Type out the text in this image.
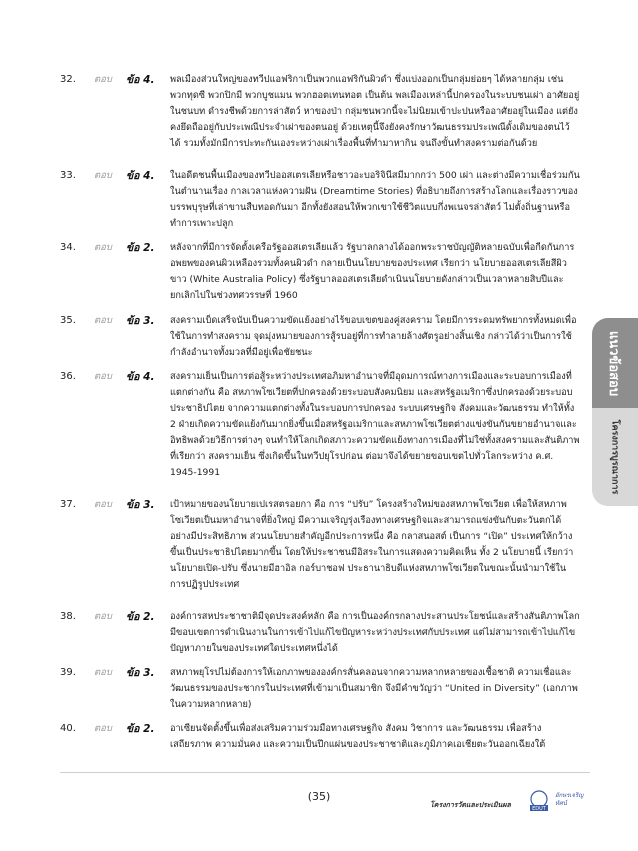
32.	ตอบ	ข้อ 4.	พลเมืองส่วนใหญ่ของทวีปแอฟริกาเป็นพวกแอฟริกันผิวดำ ซึ่งแบ่งออกเป็นกลุ่มย่อยๆ ได้หลายกลุ่ม เช่น พวกทุดซี พวกปิกมี พวกบูชแมน พวกฮอตเทนทอต เป็นต้น พลเมืองเหล่านี้ปกครองในระบบชนเผ่า อาศัยอยู่ในชนบท ดำรงชีพด้วยการล่าสัตว์ หาของป่า กลุ่มชนพวกนี้จะไม่นิยมเข้าปะปนหรืออาศัยอยู่ในเมือง แต่ยังคงยึดถืออยู่กับประเพณีประจำเผ่าของตนอยู่ ด้วยเหตุนี้จึงยังคงรักษาวัฒนธรรมประเพณีดั้งเดิมของตนไว้ได้ รวมทั้งมักมีการปะทะกันเองระหว่างเผ่าเรื่องพื้นที่ทำมาหากิน จนถึงขั้นทำสงครามต่อกันด้วย

33.	ตอบ	ข้อ 4.	ในอดีตชนพื้นเมืองของทวีปออสเตรเลียหรือชาวอะบอริจินีสมีมากกว่า 500 เผ่า และต่างมีความเชื่อร่วมกันในตำนานเรื่อง กาลเวลาแห่งความฝัน (Dreamtime Stories) ที่อธิบายถึงการสร้างโลกและเรื่องราวของบรรพบุรุษที่เล่าขานสืบทอดกันมา อีกทั้งยังสอนให้พวกเขาใช้ชีวิตแบบกึ่งพเนจรล่าสัตว์ ไม่ตั้งถิ่นฐานหรือทำการเพาะปลูก

34.	ตอบ	ข้อ 2.	หลังจากที่มีการจัดตั้งเครือรัฐออสเตรเลียแล้ว รัฐบาลกลางได้ออกพระราชบัญญัติหลายฉบับเพื่อกีดกันการอพยพของคนผิวเหลืองรวมทั้งคนผิวดำ กลายเป็นนโยบายของประเทศ เรียกว่า นโยบายออสเตรเลียสีผิวขาว (White Australia Policy) ซึ่งรัฐบาลออสเตรเลียดำเนินนโยบายดังกล่าวเป็นเวลาหลายสิบปีและยกเลิกไปในช่วงทศวรรษที่ 1960

35.	ตอบ	ข้อ 3.	สงครามเบ็ดเสร็จนับเป็นความขัดแย้งอย่างไร้ขอบเขตของคู่สงคราม โดยมีการระดมทรัพยากรทั้งหมดเพื่อใช้ในการทำสงคราม จุดมุ่งหมายของการสู้รบอยู่ที่การทำลายล้างศัตรูอย่างสิ้นเชิง กล่าวได้ว่าเป็นการใช้กำลังอำนาจทั้งมวลที่มีอยู่เพื่อชัยชนะ

36.	ตอบ	ข้อ 4.	สงครามเย็นเป็นการต่อสู้ระหว่างประเทศอภิมหาอำนาจที่มีอุดมการณ์ทางการเมืองและระบอบการเมืองที่แตกต่างกัน คือ สหภาพโซเวียตที่ปกครองด้วยระบอบสังคมนิยม และสหรัฐอเมริกาซึ่งปกครองด้วยระบอบประชาธิปไตย จากความแตกต่างทั้งในระบอบการปกครอง ระบบเศรษฐกิจ สังคมและวัฒนธรรม ทำให้ทั้ง 2 ฝ่ายเกิดความขัดแย้งกันมากยิ่งขึ้นเมื่อสหรัฐอเมริกาและสหภาพโซเวียตต่างแข่งขันกันขยายอำนาจและอิทธิพลด้วยวิธีการต่างๆ จนทำให้โลกเกิดสภาวะความขัดแย้งทางการเมืองที่ไม่ใช่ทั้งสงครามและสันติภาพ ที่เรียกว่า สงครามเย็น ซึ่งเกิดขึ้นในทวีปยุโรปก่อน ต่อมาจึงได้ขยายขอบเขตไปทั่วโลกระหว่าง ค.ศ. 1945-1991

37.	ตอบ	ข้อ 3.	เป้าหมายของนโยบายเปเรสตรอยกา คือ การ “ปรับ” โครงสร้างใหม่ของสหภาพโซเวียต เพื่อให้สหภาพโซเวียตเป็นมหาอำนาจที่ยิ่งใหญ่ มีความเจริญรุ่งเรืองทางเศรษฐกิจและสามารถแข่งขันกับตะวันตกได้อย่างมีประสิทธิภาพ ส่วนนโยบายสำคัญอีกประการหนึ่ง คือ กลาสนอสต์ เป็นการ “เปิด” ประเทศให้กว้างขึ้นเป็นประชาธิปไตยมากขึ้น โดยให้ประชาชนมีอิสระในการแสดงความคิดเห็น ทั้ง 2 นโยบายนี้ เรียกว่า นโยบายเปิด-ปรับ ซึ่งนายมีฮาอิล กอร์บาชอฟ ประธานาธิบดีแห่งสหภาพโซเวียตในขณะนั้นนำมาใช้ในการปฏิรูปประเทศ

38.	ตอบ	ข้อ 2.	องค์การสหประชาชาติมีจุดประสงค์หลัก คือ การเป็นองค์กรกลางประสานประโยชน์และสร้างสันติภาพโลก มีขอบเขตการดำเนินงานในการเข้าไปแก้ไขปัญหาระหว่างประเทศกับประเทศ แต่ไม่สามารถเข้าไปแก้ไขปัญหาภายในของประเทศใดประเทศหนึ่งได้

39.	ตอบ	ข้อ 3.	สหภาพยุโรปไม่ต้องการให้เอกภาพขององค์กรสั่นคลอนจากความหลากหลายของเชื้อชาติ ความเชื่อและวัฒนธรรมของประชากรในประเทศที่เข้ามาเป็นสมาชิก จึงมีคำขวัญว่า “United in Diversity” (เอกภาพในความหลากหลาย)

40.	ตอบ	ข้อ 2.	อาเซียนจัดตั้งขึ้นเพื่อส่งเสริมความร่วมมือทางเศรษฐกิจ สังคม วิชาการ และวัฒนธรรม เพื่อสร้างเสถียรภาพ ความมั่นคง และความเป็นปึกแผ่นของประชาชาติและภูมิภาคเอเชียตะวันออกเฉียงใต้

แนวข้อสอบ
โครงการบูรณาการ
(35)
โครงการวัดและประเมินผล	EDUT
อักษรเจริญ
ทัศน์
